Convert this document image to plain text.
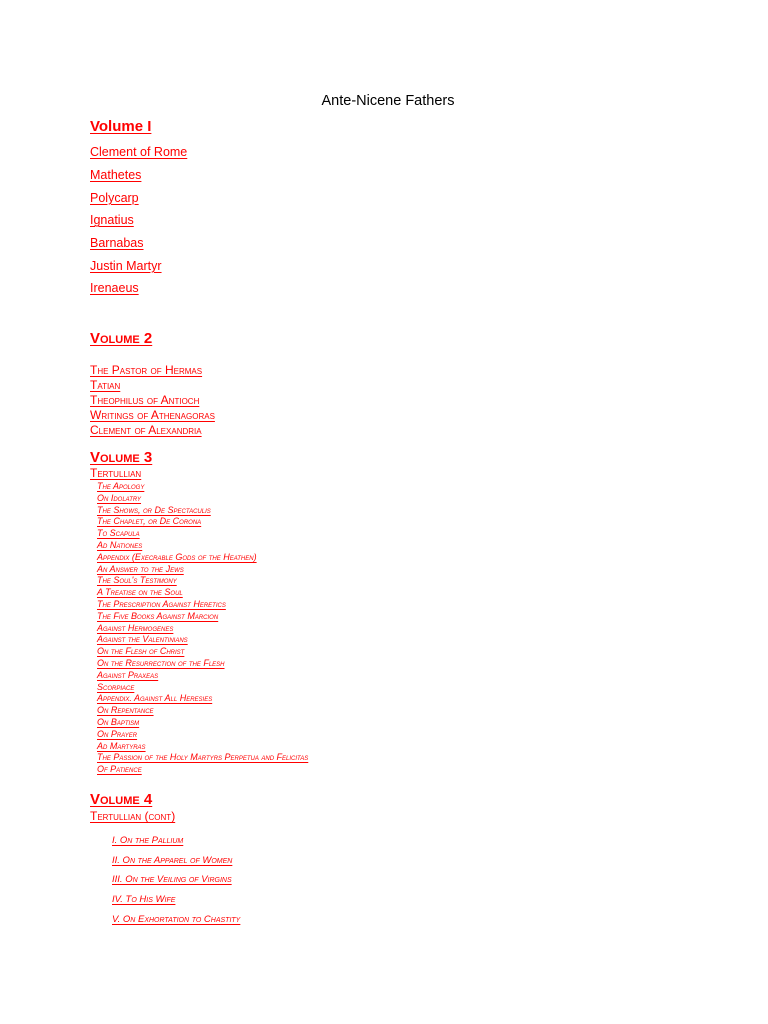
Ante-Nicene Fathers
Volume I
Clement of Rome
Mathetes
Polycarp
Ignatius
Barnabas
Justin Martyr
Irenaeus
Volume 2
The Pastor of Hermas
Tatian
Theophilus of Antioch
Writings of Athenagoras
Clement of Alexandria
Volume 3
Tertullian
The Apology
On Idolatry
The Shows, or De Spectaculis
The Chaplet, or De Corona
To Scapula
Ad Nationes
Appendix (Execrable Gods of the Heathen)
An Answer to the Jews
The Soul's Testimony
A Treatise on the Soul
The Prescription Against Heretics
The Five Books Against Marcion
Against Hermogenes
Against the Valentinians
On the Flesh of Christ
On the Resurrection of the Flesh
Against Praxeas
Scorpiace
Appendix. Against All Heresies
On Repentance
On Baptism
On Prayer
Ad Martyras
The Passion of the Holy Martyrs Perpetua and Felicitas
Of Patience
Volume 4
Tertullian (cont)
I. On the Pallium
II. On the Apparel of Women
III. On the Veiling of Virgins
IV. To His Wife
V. On Exhortation to Chastity
